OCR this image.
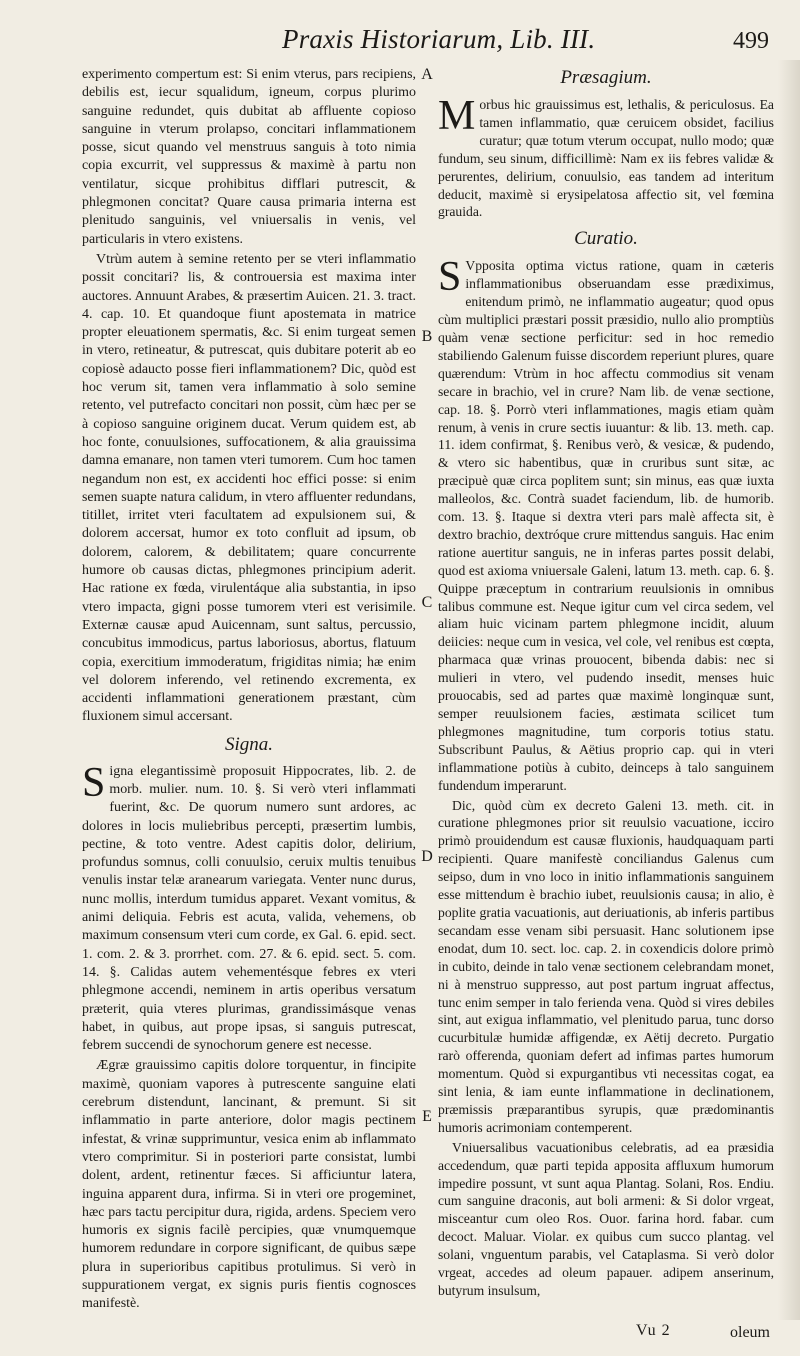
Praxis Historiarum, Lib. III.	499
A
B
C
D
E

experimento compertum est: Si enim vterus, pars recipiens, debilis est, iecur squalidum, igneum, corpus plurimo sanguine redundet, quis dubitat ab affluente copioso sanguine in vterum prolapso, concitari inflammationem posse, sicut quando vel menstruus sanguis à toto nimia copia excurrit, vel suppressus & maximè à partu non ventilatur, sicque prohibitus difflari putrescit, & phlegmonen concitat? Quare causa primaria interna est plenitudo sanguinis, vel vniuersalis in venis, vel particularis in vtero existens.

Vtrùm autem à semine retento per se vteri inflammatio possit concitari? lis, & controuersia est maxima inter auctores. Annuunt Arabes, & præsertim Auicen. 21. 3. tract. 4. cap. 10. Et quandoque fiunt apostemata in matrice propter eleuationem spermatis, &c. Si enim turgeat semen in vtero, retineatur, & putrescat, quis dubitare poterit ab eo copiosè adaucto posse fieri inflammationem? Dic, quòd est hoc verum sit, tamen vera inflammatio à solo semine retento, vel putrefacto concitari non possit, cùm hæc per se à copioso sanguine originem ducat. Verum quidem est, ab hoc fonte, conuulsiones, suffocationem, & alia grauissima damna emanare, non tamen vteri tumorem. Cum hoc tamen negandum non est, ex accidenti hoc effici posse: si enim semen suapte natura calidum, in vtero affluenter redundans, titillet, irritet vteri facultatem ad expulsionem sui, & dolorem accersat, humor ex toto confluit ad ipsum, ob dolorem, calorem, & debilitatem; quare concurrente humore ob causas dictas, phlegmones principium aderit. Hac ratione ex fœda, virulentáque alia substantia, in ipso vtero impacta, gigni posse tumorem vteri est verisimile. Externæ causæ apud Auicennam, sunt saltus, percussio, concubitus immodicus, partus laboriosus, abortus, flatuum copia, exercitium immoderatum, frigiditas nimia; hæ enim vel dolorem inferendo, vel retinendo excrementa, ex accidenti inflammationi generationem præstant, cùm fluxionem simul accersant.

Signa.

Signa elegantissimè proposuit Hippocrates, lib. 2. de morb. mulier. num. 10. §. Si verò vteri inflammati fuerint, &c. De quorum numero sunt ardores, ac dolores in locis muliebribus percepti, præsertim lumbis, pectine, & toto ventre. Adest capitis dolor, delirium, profundus somnus, colli conuulsio, ceruix multis tenuibus venulis instar telæ aranearum variegata. Venter nunc durus, nunc mollis, interdum tumidus apparet. Vexant vomitus, & animi deliquia. Febris est acuta, valida, vehemens, ob maximum consensum vteri cum corde, ex Gal. 6. epid. sect. 1. com. 2. & 3. prorrhet. com. 27. & 6. epid. sect. 5. com. 14. §. Calidas autem vehementésque febres ex vteri phlegmone accendi, neminem in artis operibus versatum præterit, quia vteres plurimas, grandissimásque venas habet, in quibus, aut prope ipsas, si sanguis putrescat, febrem succendi de synochorum genere est necesse.

Ægræ grauissimo capitis dolore torquentur, in fincipite maximè, quoniam vapores à putrescente sanguine elati cerebrum distendunt, lancinant, & premunt. Si sit inflammatio in parte anteriore, dolor magis pectinem infestat, & vrinæ supprimuntur, vesica enim ab inflammato vtero comprimitur. Si in posteriori parte consistat, lumbi dolent, ardent, retinentur fæces. Si afficiuntur latera, inguina apparent dura, infirma. Si in vteri ore progeminet, hæc pars tactu percipitur dura, rigida, ardens. Speciem vero humoris ex signis facilè percipies, quæ vnumquemque humorem redundare in corpore significant, de quibus sæpe plura in superioribus capitibus protulimus. Si verò in suppurationem vergat, ex signis puris fientis cognosces manifestè.

Præsagium.

Morbus hic grauissimus est, lethalis, & periculosus. Ea tamen inflammatio, quæ ceruicem obsidet, facilius curatur; quæ totum vterum occupat, nullo modo; quæ fundum, seu sinum, difficillimè: Nam ex iis febres validæ & perurentes, delirium, conuulsio, eas tandem ad interitum deducit, maximè si erysipelatosa affectio sit, vel fœmina grauida.

Curatio.

S Vpposita optima victus ratione, quam in cæteris inflammationibus obseruandam esse prædiximus, enitendum primò, ne inflammatio augeatur; quod opus cùm multiplici præstari possit præsidio, nullo alio promptiùs quàm venæ sectione perficitur: sed in hoc remedio stabiliendo Galenum fuisse discordem reperiunt plures, quare quærendum: Vtrùm in hoc affectu commodius sit venam secare in brachio, vel in crure? Nam lib. de venæ sectione, cap. 18. §. Porrò vteri inflammationes, magis etiam quàm renum, à venis in crure sectis iuuantur: & lib. 13. meth. cap. 11. idem confirmat, §. Renibus verò, & vesicæ, & pudendo, & vtero sic habentibus, quæ in cruribus sunt sitæ, ac præcipuè quæ circa poplitem sunt; sin minus, eas quæ iuxta malleolos, &c. Contrà suadet faciendum, lib. de humorib. com. 13. §. Itaque si dextra vteri pars malè affecta sit, è dextro brachio, dextróque crure mittendus sanguis. Hac enim ratione auertitur sanguis, ne in inferas partes possit delabi, quod est axioma vniuersale Galeni, latum 13. meth. cap. 6. §. Quippe præceptum in contrarium reuulsionis in omnibus talibus commune est. Neque igitur cum vel circa sedem, vel aliam huic vicinam partem phlegmone incidit, aluum deiicies: neque cum in vesica, vel cole, vel renibus est cœpta, pharmaca quæ vrinas prouocent, bibenda dabis: nec si mulieri in vtero, vel pudendo insedit, menses huic prouocabis, sed ad partes quæ maximè longinquæ sunt, semper reuulsionem facies, æstimata scilicet tum phlegmones magnitudine, tum corporis totius statu. Subscribunt Paulus, & Aëtius proprio cap. qui in vteri inflammatione potiùs à cubito, deinceps à talo sanguinem fundendum imperarunt.

Dic, quòd cùm ex decreto Galeni 13. meth. cit. in curatione phlegmones prior sit reuulsio vacuatione, icciro primò prouidendum est causæ fluxionis, haudquaquam parti recipienti. Quare manifestè conciliandus Galenus cum seipso, dum in vno loco in initio inflammationis sanguinem esse mittendum è brachio iubet, reuulsionis causa; in alio, è poplite gratia vacuationis, aut deriuationis, ab inferis partibus secandam esse venam sibi persuasit. Hanc solutionem ipse enodat, dum 10. sect. loc. cap. 2. in coxendicis dolore primò in cubito, deinde in talo venæ sectionem celebrandam monet, ni à menstruo suppresso, aut post partum ingruat affectus, tunc enim semper in talo ferienda vena. Quòd si vires debiles sint, aut exigua inflammatio, vel plenitudo parua, tunc dorso cucurbitulæ humidæ affigendæ, ex Aëtij decreto. Purgatio rarò offerenda, quoniam defert ad infimas partes humorum momentum. Quòd si expurgantibus vti necessitas cogat, ea sint lenia, & iam eunte inflammatione in declinationem, præmissis præparantibus syrupis, quæ prædominantis humoris acrimoniam contemperent.

Vniuersalibus vacuationibus celebratis, ad ea præsidia accedendum, quæ parti tepida apposita affluxum humorum impedire possunt, vt sunt aqua Plantag. Solani, Ros. Endiu. cum sanguine draconis, aut boli armeni: & Si dolor vrgeat, misceantur cum oleo Ros. Ouor. farina hord. fabar. cum decoct. Maluar. Violar. ex quibus cum succo plantag. vel solani, vnguentum parabis, vel Cataplasma. Si verò dolor vrgeat, accedes ad oleum papauer. adipem anserinum, butyrum insulsum,

Vu 2	oleum
